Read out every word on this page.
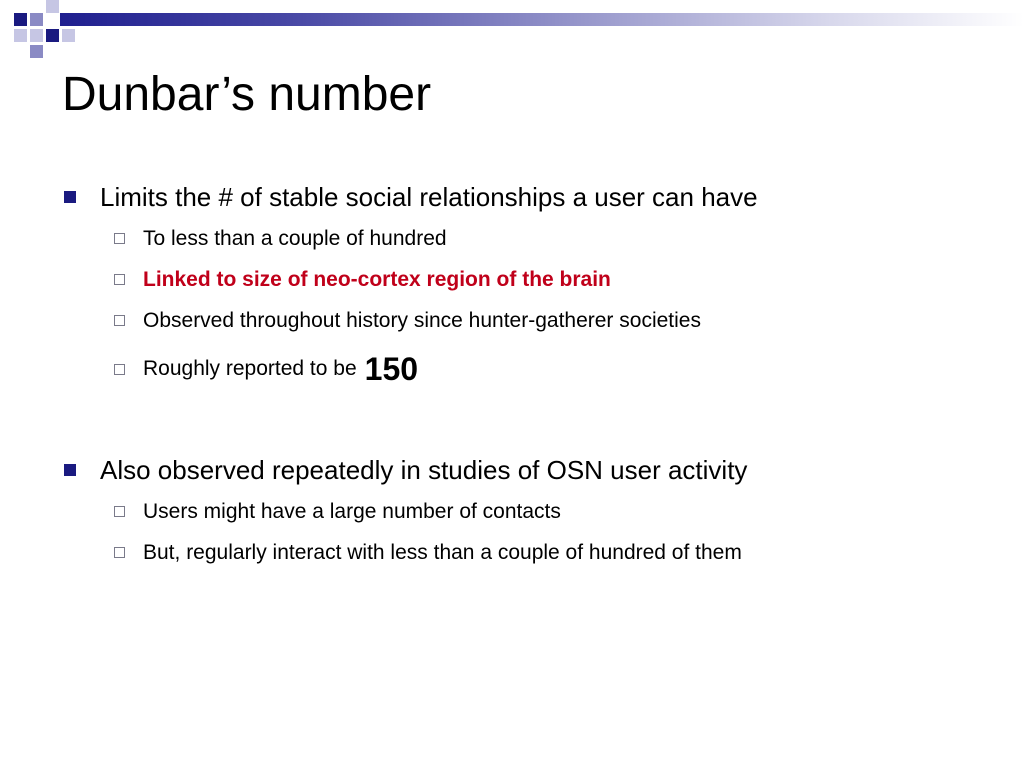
Dunbar’s number
Limits the # of stable social relationships a user can have
To less than a couple of hundred
Linked to size of neo-cortex region of the brain
Observed throughout history since hunter-gatherer societies
Roughly reported to be 150
Also observed repeatedly in studies of OSN user activity
Users might have a large number of contacts
But, regularly interact with less than a couple of hundred of them
